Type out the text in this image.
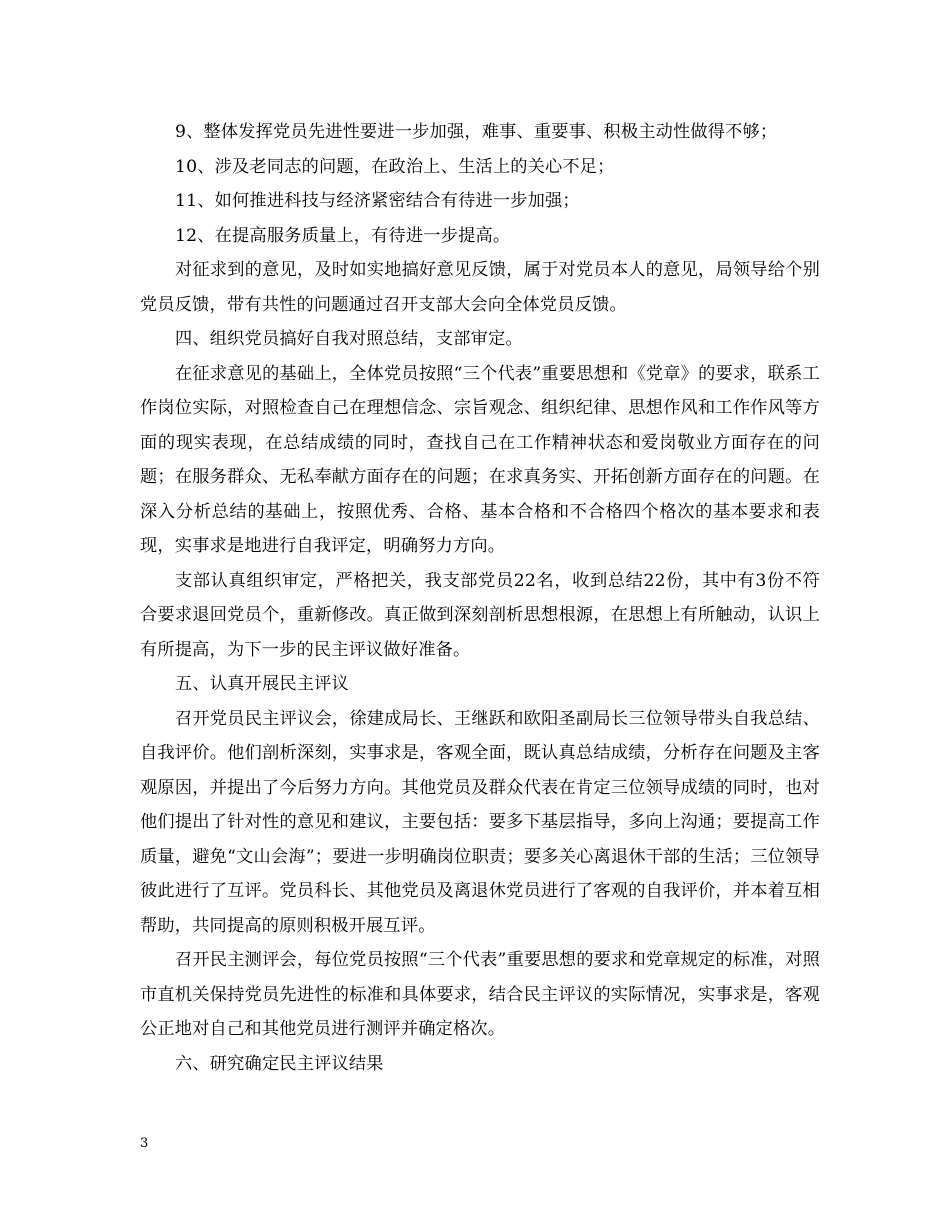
9、整体发挥党员先进性要进一步加强，难事、重要事、积极主动性做得不够；

10、涉及老同志的问题，在政治上、生活上的关心不足；

11、如何推进科技与经济紧密结合有待进一步加强；

12、在提高服务质量上，有待进一步提高。

对征求到的意见，及时如实地搞好意见反馈，属于对党员本人的意见，局领导给个别党员反馈，带有共性的问题通过召开支部大会向全体党员反馈。

四、组织党员搞好自我对照总结，支部审定。

在征求意见的基础上，全体党员按照“三个代表”重要思想和《党章》的要求，联系工作岗位实际，对照检查自己在理想信念、宗旨观念、组织纪律、思想作风和工作作风等方面的现实表现，在总结成绩的同时，查找自己在工作精神状态和爱岗敬业方面存在的问题；在服务群众、无私奉献方面存在的问题；在求真务实、开拓创新方面存在的问题。在深入分析总结的基础上，按照优秀、合格、基本合格和不合格四个格次的基本要求和表现，实事求是地进行自我评定，明确努力方向。

支部认真组织审定，严格把关，我支部党员22名，收到总结22份，其中有3份不符合要求退回党员个，重新修改。真正做到深刻剖析思想根源，在思想上有所触动，认识上有所提高，为下一步的民主评议做好准备。

五、认真开展民主评议

召开党员民主评议会，徐建成局长、王继跃和欧阳圣副局长三位领导带头自我总结、自我评价。他们剖析深刻，实事求是，客观全面，既认真总结成绩，分析存在问题及主客观原因，并提出了今后努力方向。其他党员及群众代表在肯定三位领导成绩的同时，也对他们提出了针对性的意见和建议，主要包括：要多下基层指导，多向上沟通；要提高工作质量，避免“文山会海”；要进一步明确岗位职责；要多关心离退休干部的生活；三位领导彼此进行了互评。党员科长、其他党员及离退休党员进行了客观的自我评价，并本着互相帮助，共同提高的原则积极开展互评。

召开民主测评会，每位党员按照“三个代表”重要思想的要求和党章规定的标准，对照市直机关保持党员先进性的标准和具体要求，结合民主评议的实际情况，实事求是，客观公正地对自己和其他党员进行测评并确定格次。

六、研究确定民主评议结果

3
